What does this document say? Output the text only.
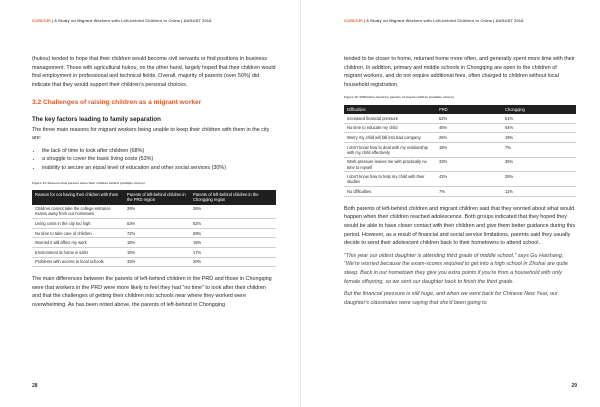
CORI/CEI | A Study on Migrant Workers with Left-behind Children in China | AUGUST 2018

(hukou) tended to hope that their children would become civil servants or find positions in business management. Those with agricultural hukou, on the other hand, largely hoped that their children would find employment in professional and technical fields. Overall, majority of parents (over 50%) did indicate that they would support their children's personal choices.

3.2 Challenges of raising children as a migrant worker
The key factors leading to family separation

The three main reasons for migrant workers being unable to keep their children with them in the city are:

• the lack of time to look after children (68%)
• a struggle to cover the basic living costs (53%)
• inability to secure an equal level of education and other social services (30%)
Figure 14: Reasons that parents leave their children behind (multiple choice)
Reason for not having their children with them	Parents of left-behind children in the PRD region	Parents of left-behind children in the Chongqing region
Children cannot take the college entrance exams away from our hometown	28%	26%
Living costs in the city too high	53%	52%
No time to take care of children	72%	59%
Worried it will affect my work	18%	19%
Environment at home is safer	15%	17%
Problems with access to local schools	33%	20%

The main differences between the parents of left-behind children in the PRD and those in Chongqing were that workers in the PRD were more likely to feel they had "no time" to look after their children and that the challenges of getting their children into schools near where they worked were overwhelming. As has been noted above, the parents of left-behind in Chongqing

28
CORI/CEI | A Study on Migrant Workers with Left-behind Children in China | AUGUST 2018

tended to be closer to home, returned home more often, and generally spent more time with their children. In addition, primary and middle schools in Chongqing are open to the children of migrant workers, and do not require additional fees, often charged to children without local household registration.

Figure 15: Difficulties faced by parents of stayed children (multiple choice)
Difficulties	PRD	Chongqing
Increased financial pressure	62%	61%
No time to educate my child	46%	54%
Worry my child will fall into bad company	26%	19%
I don't know how to deal with my relationship with my child effectively	15%	7%
Work pressure leaves me with practically no time to myself	33%	36%
I don't know how to help my child with their studies	42%	25%
No difficulties	7%	11%

Both parents of left-behind children and migrant children said that they worried about what would happen when their children reached adolescence. Both groups indicated that they hoped they would be able to have closer contact with their children and give them better guidance during this period. However, as a result of financial and social service limitations, parents said they usually decide to send their adolescent children back to their hometowns to attend school.

"This year our oldest daughter is attending third grade of middle school," says Gu Haishang, "We're worried because the exam-scores required to get into a high school in Zhuhai are quite steep. Back in our hometown they give you extra points if you're from a household with only female offspring, so we sent our daughter back to finish the third grade.

But the financial pressure is still huge, and when we went back for Chinese New Year, our daughter's classmates were saying that she'd been going to

29
